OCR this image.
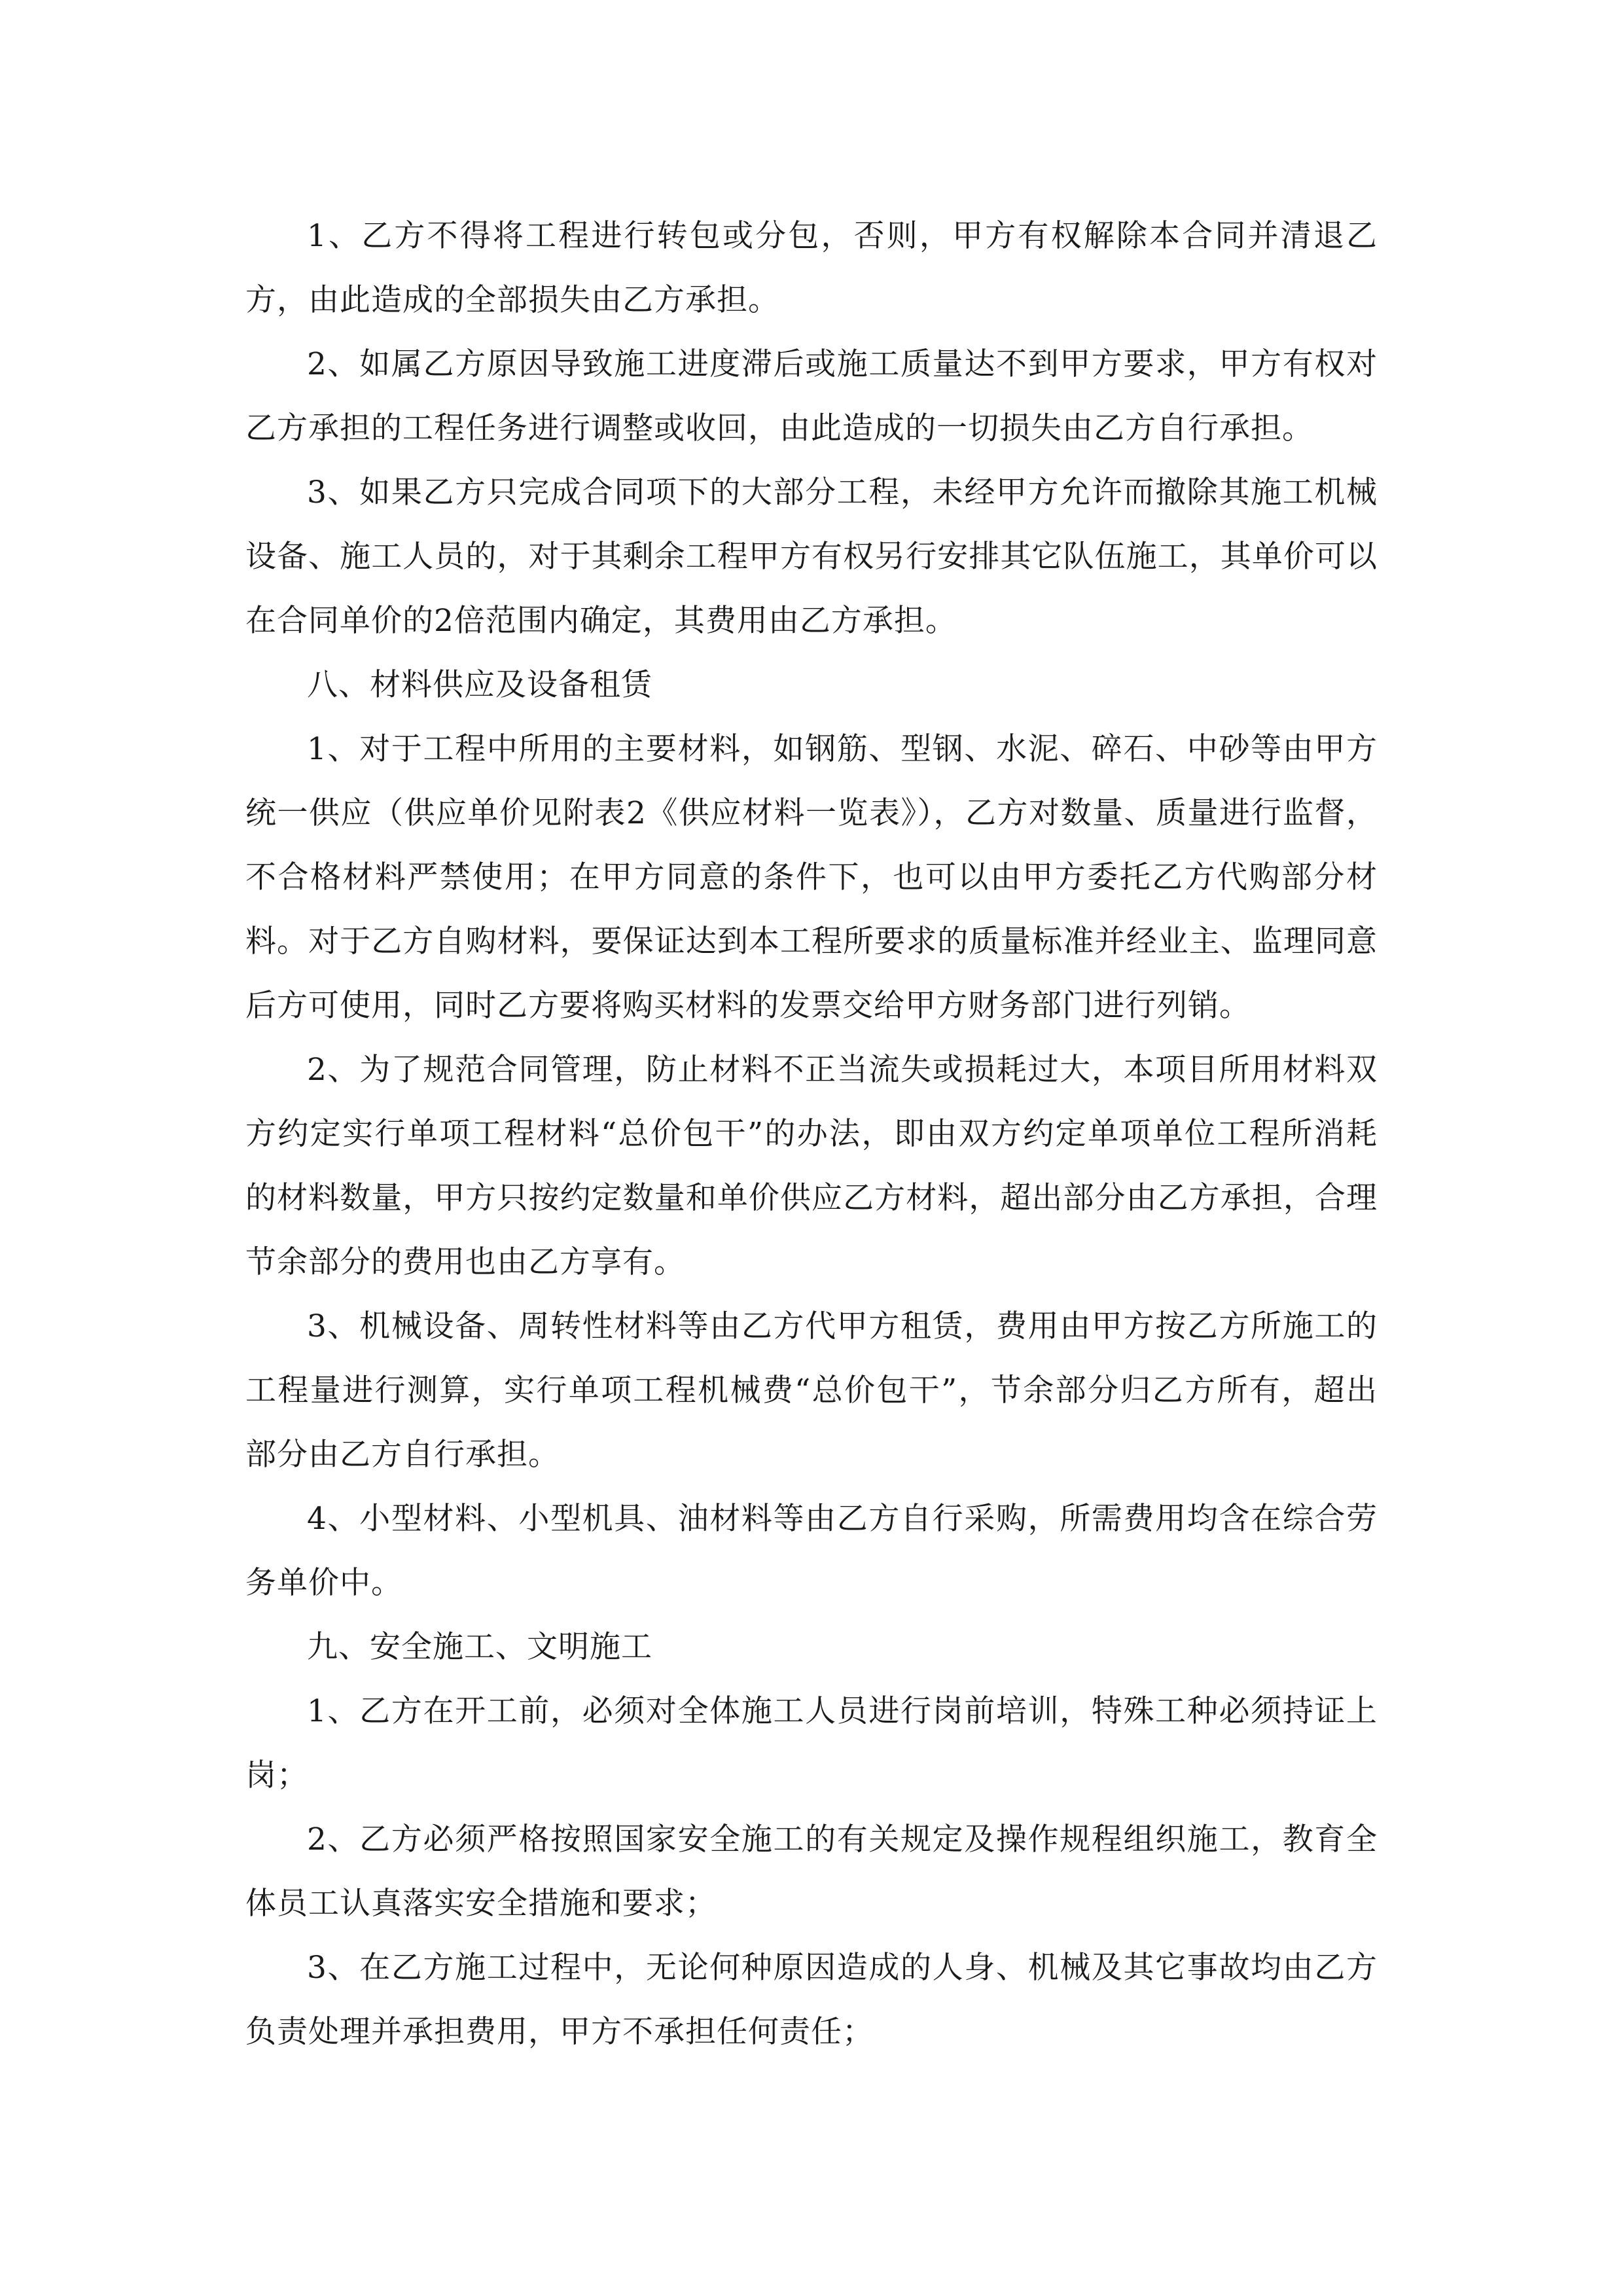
1、乙方不得将工程进行转包或分包，否则，甲方有权解除本合同并清退乙方，由此造成的全部损失由乙方承担。

2、如属乙方原因导致施工进度滞后或施工质量达不到甲方要求，甲方有权对乙方承担的工程任务进行调整或收回，由此造成的一切损失由乙方自行承担。

3、如果乙方只完成合同项下的大部分工程，未经甲方允许而撤除其施工机械设备、施工人员的，对于其剩余工程甲方有权另行安排其它队伍施工，其单价可以在合同单价的2倍范围内确定，其费用由乙方承担。

八、材料供应及设备租赁

1、对于工程中所用的主要材料，如钢筋、型钢、水泥、碎石、中砂等由甲方统一供应（供应单价见附表2《供应材料一览表》），乙方对数量、质量进行监督，不合格材料严禁使用；在甲方同意的条件下，也可以由甲方委托乙方代购部分材料。对于乙方自购材料，要保证达到本工程所要求的质量标准并经业主、监理同意后方可使用，同时乙方要将购买材料的发票交给甲方财务部门进行列销。

2、为了规范合同管理，防止材料不正当流失或损耗过大，本项目所用材料双方约定实行单项工程材料“总价包干”的办法，即由双方约定单项单位工程所消耗的材料数量，甲方只按约定数量和单价供应乙方材料，超出部分由乙方承担，合理节余部分的费用也由乙方享有。

3、机械设备、周转性材料等由乙方代甲方租赁，费用由甲方按乙方所施工的工程量进行测算，实行单项工程机械费“总价包干”，节余部分归乙方所有，超出部分由乙方自行承担。

4、小型材料、小型机具、油材料等由乙方自行采购，所需费用均含在综合劳务单价中。

九、安全施工、文明施工

1、乙方在开工前，必须对全体施工人员进行岗前培训，特殊工种必须持证上岗；

2、乙方必须严格按照国家安全施工的有关规定及操作规程组织施工，教育全体员工认真落实安全措施和要求；

3、在乙方施工过程中，无论何种原因造成的人身、机械及其它事故均由乙方负责处理并承担费用，甲方不承担任何责任；
